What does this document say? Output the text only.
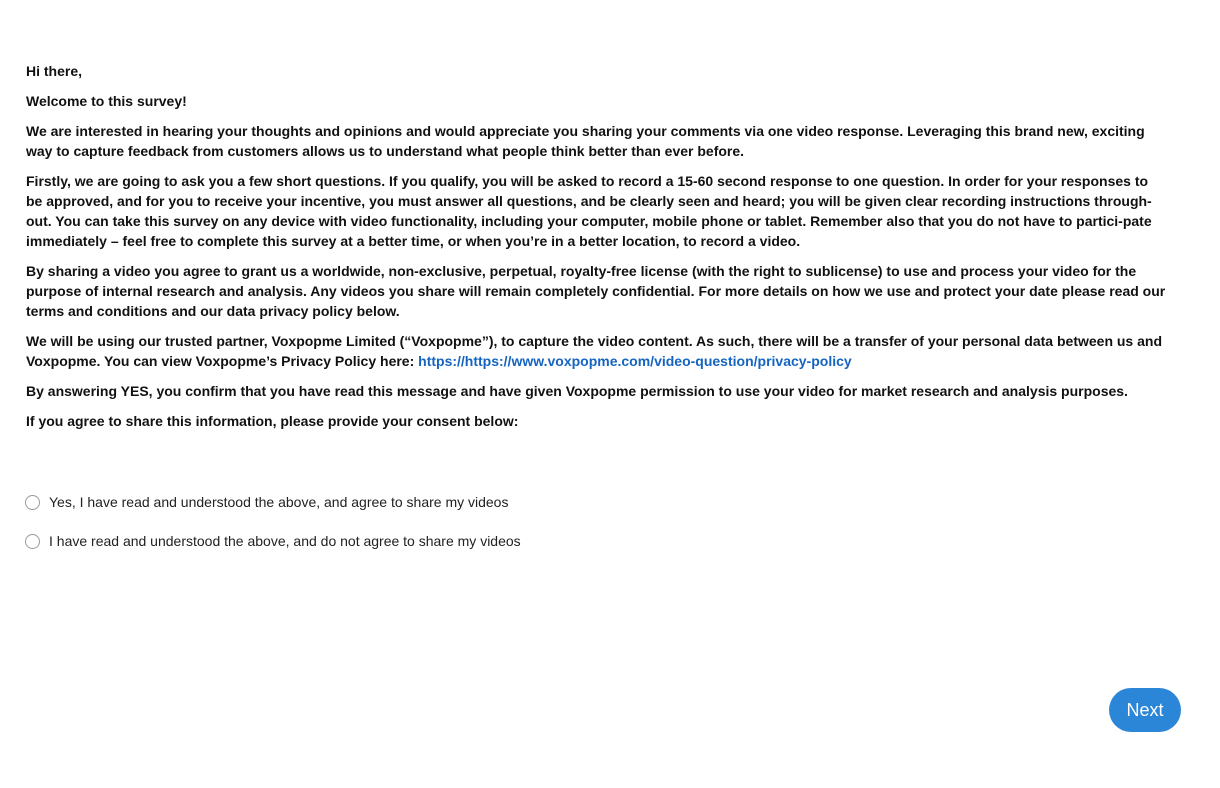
Hi there,

Welcome to this survey!

We are interested in hearing your thoughts and opinions and would appreciate you sharing your comments via one video response. Leveraging this brand new, exciting way to capture feedback from customers allows us to understand what people think better than ever before.

Firstly, we are going to ask you a few short questions. If you qualify, you will be asked to record a 15-60 second response to one question. In order for your responses to be approved, and for you to receive your incentive, you must answer all questions, and be clearly seen and heard; you will be given clear recording instructions through-out. You can take this survey on any device with video functionality, including your computer, mobile phone or tablet. Remember also that you do not have to partici-pate immediately – feel free to complete this survey at a better time, or when you’re in a better location, to record a video.

By sharing a video you agree to grant us a worldwide, non-exclusive, perpetual, royalty-free license (with the right to sublicense) to use and process your video for the purpose of internal research and analysis. Any videos you share will remain completely confidential. For more details on how we use and protect your date please read our terms and conditions and our data privacy policy below.

We will be using our trusted partner, Voxpopme Limited (“Voxpopme”), to capture the video content. As such, there will be a transfer of your personal data between us and Voxpopme. You can view Voxpopme’s Privacy Policy here: https://https://www.voxpopme.com/video-question/privacy-policy

By answering YES, you confirm that you have read this message and have given Voxpopme permission to use your video for market research and analysis purposes.

If you agree to share this information, please provide your consent below:

Yes, I have read and understood the above, and agree to share my videos
I have read and understood the above, and do not agree to share my videos
Next
